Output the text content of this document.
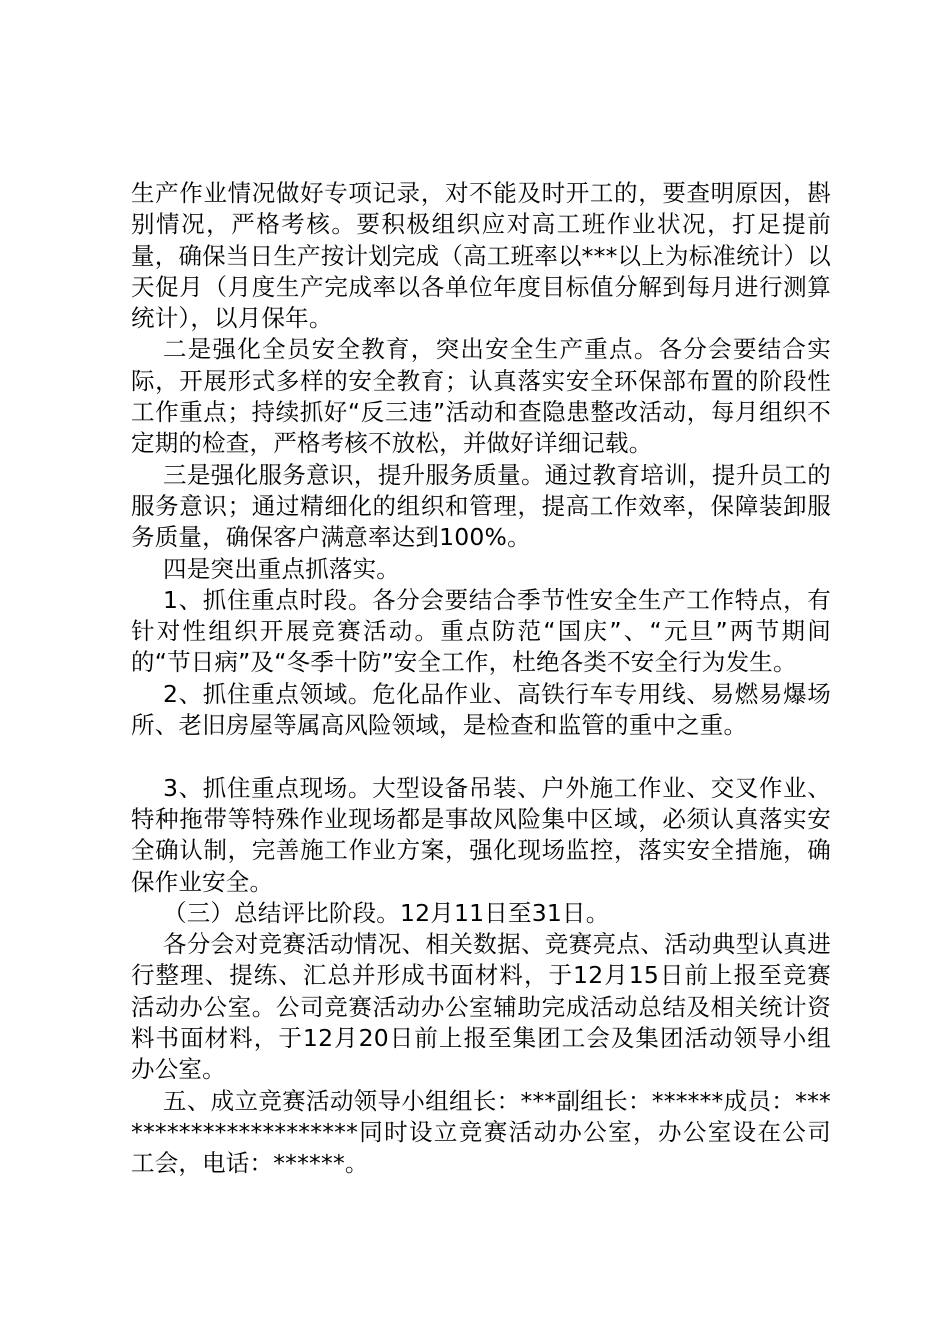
生产作业情况做好专项记录，对不能及时开工的，要查明原因，斟别情况，严格考核。要积极组织应对高工班作业状况，打足提前量，确保当日生产按计划完成（高工班率以***以上为标准统计）以天促月（月度生产完成率以各单位年度目标值分解到每月进行测算统计），以月保年。

二是强化全员安全教育，突出安全生产重点。各分会要结合实际，开展形式多样的安全教育；认真落实安全环保部布置的阶段性工作重点；持续抓好“反三违”活动和查隐患整改活动，每月组织不定期的检查，严格考核不放松，并做好详细记载。

三是强化服务意识，提升服务质量。通过教育培训，提升员工的服务意识；通过精细化的组织和管理，提高工作效率，保障装卸服务质量，确保客户满意率达到100%。

四是突出重点抓落实。

1、抓住重点时段。各分会要结合季节性安全生产工作特点，有针对性组织开展竞赛活动。重点防范“国庆”、“元旦”两节期间的“节日病”及“冬季十防”安全工作，杜绝各类不安全行为发生。

2、抓住重点领域。危化品作业、高铁行车专用线、易燃易爆场所、老旧房屋等属高风险领域，是检查和监管的重中之重。

3、抓住重点现场。大型设备吊装、户外施工作业、交叉作业、特种拖带等特殊作业现场都是事故风险集中区域，必须认真落实安全确认制，完善施工作业方案，强化现场监控，落实安全措施，确保作业安全。

（三）总结评比阶段。12月11日至31日。

各分会对竞赛活动情况、相关数据、竞赛亮点、活动典型认真进行整理、提练、汇总并形成书面材料，于12月15日前上报至竞赛活动办公室。公司竞赛活动办公室辅助完成活动总结及相关统计资料书面材料，于12月20日前上报至集团工会及集团活动领导小组办公室。

五、成立竞赛活动领导小组组长：***副组长：******成员：**********************同时设立竞赛活动办公室，办公室设在公司工会，电话：******。
